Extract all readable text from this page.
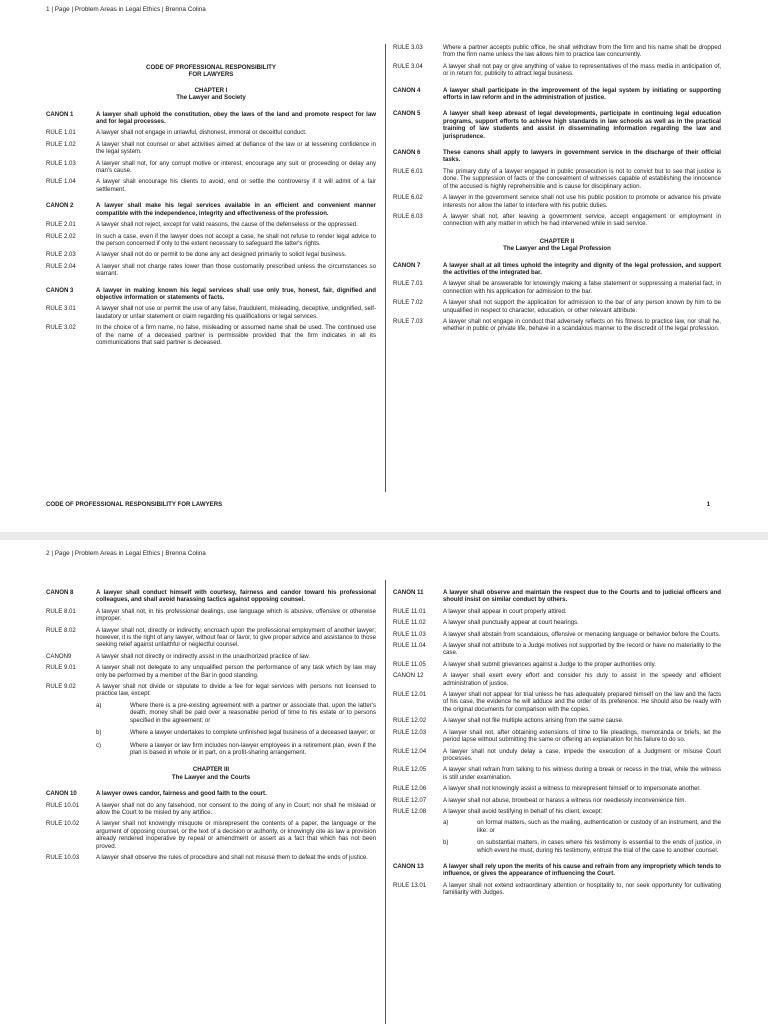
1 | Page | Problem Areas in Legal Ethics | Brenna Colina
CODE OF PROFESSIONAL RESPONSIBILITY
FOR LAWYERS
CHAPTER I
The Lawyer and Society
CANON 1	A lawyer shall uphold the constitution, obey the laws of the land and promote respect for law and for legal processes.
RULE 1.01	A lawyer shall not engage in unlawful, dishonest, immoral or deceitful conduct.
RULE 1.02	A lawyer shall not counsel or abet activities aimed at defiance of the law or at lessening confidence in the legal system.
RULE 1.03	A lawyer shall not, for any corrupt motive or interest, encourage any suit or proceeding or delay any man's cause.
RULE 1.04	A lawyer shall encourage his clients to avoid, end or settle the controversy if it will admit of a fair settlement.
CANON 2	A lawyer shall make his legal services available in an efficient and convenient manner compatible with the independence, integrity and effectiveness of the profession.
RULE 2.01	A lawyer shall not reject, except for valid reasons, the cause of the defenseless or the oppressed.
RULE 2.02	In such a case, even if the lawyer does not accept a case, he shall not refuse to render legal advice to the person concerned if only to the extent necessary to safeguard the latter's rights.
RULE 2.03	A lawyer shall not do or permit to be done any act designed primarily to solicit legal business.
RULE 2.04	A lawyer shall not charge rates lower than those customarily prescribed unless the circumstances so warrant.
CANON 3	A lawyer in making known his legal services shall use only true, honest, fair, dignified and objective information or statements of facts.
RULE 3.01	A lawyer shall not use or permit the use of any false, fraudulent, misleading, deceptive, undignified, self-laudatory or unfair statement or claim regarding his qualifications or legal services.
RULE 3.02	In the choice of a firm name, no false, misleading or assumed name shall be used. The continued use of the name of a deceased partner is permissible provided that the firm indicates in all its communications that said partner is deceased.
RULE 3.03	Where a partner accepts public office, he shall withdraw from the firm and his name shall be dropped from the firm name unless the law allows him to practice law concurrently.
RULE 3.04	A lawyer shall not pay or give anything of value to representatives of the mass media in anticipation of, or in return for, publicity to attract legal business.
CANON 4	A lawyer shall participate in the improvement of the legal system by initiating or supporting efforts in law reform and in the administration of justice.
CANON 5	A lawyer shall keep abreast of legal developments, participate in continuing legal education programs, support efforts to achieve high standards in law schools as well as in the practical training of law students and assist in disseminating information regarding the law and jurisprudence.
CANON 6	These canons shall apply to lawyers in government service in the discharge of their official tasks.
RULE 6.01	The primary duty of a lawyer engaged in public prosecution is not to convict but to see that justice is done. The suppression of facts or the concealment of witnesses capable of establishing the innocence of the accused is highly reprehensible and is cause for disciplinary action.
RULE 6.02	A lawyer in the government service shall not use his public position to promote or advance his private interests nor allow the latter to interfere with his public duties.
RULE 6.03	A lawyer shall not, after leaving a government service, accept engagement or employment in connection with any matter in which he had intervened while in said service.
CHAPTER II
The Lawyer and the Legal Profession
CANON 7	A lawyer shall at all times uphold the integrity and dignity of the legal profession, and support the activities of the integrated bar.
RULE 7.01	A lawyer shall be answerable for knowingly making a false statement or suppressing a material fact, in connection with his application for admission to the bar.
RULE 7.02	A lawyer shall not support the application for admission to the bar of any person known by him to be unqualified in respect to character, education, or other relevant attribute.
RULE 7.03	A lawyer shall not engage in conduct that adversely reflects on his fitness to practice law, nor shall he, whether in public or private life, behave in a scandalous manner to the discredit of the legal profession.
CODE OF PROFESSIONAL RESPONSIBILITY FOR LAWYERS	1
2 | Page | Problem Areas in Legal Ethics | Brenna Colina
CANON 8	A lawyer shall conduct himself with courtesy, fairness and candor toward his professional colleagues, and shall avoid harassing tactics against opposing counsel.
RULE 8.01	A lawyer shall not, in his professional dealings, use language which is abusive, offensive or otherwise improper.
RULE 8.02	A lawyer shall not, directly or indirectly, encroach upon the professional employment of another lawyer; however, it is the right of any lawyer, without fear or favor, to give proper advice and assistance to those seeking relief against unfaithful or neglectful counsel.
CANON9	A lawyer shall not directly or indirectly assist in the unauthorized practice of law.
RULE 9.01	A lawyer shall not delegate to any unqualified person the performance of any task which by law may only be performed by a member of the Bar in good standing.
RULE 9.02	A lawyer shall not divide or stipulate to divide a fee for legal services with persons not licensed to practice law, except:
a)	Where there is a pre-existing agreement with a partner or associate that, upon the latter's death, money shall be paid over a reasonable period of time to his estate or to persons specified in the agreement; or
b)	Where a lawyer undertakes to complete unfinished legal business of a deceased lawyer; or
c)	Where a lawyer or law firm includes non-lawyer employees in a retirement plan, even if the plan is based in whole or in part, on a profit-sharing arrangement.
CHAPTER III
The Lawyer and the Courts
CANON 10	A lawyer owes candor, fairness and good faith to the court.
RULE 10.01	A lawyer shall not do any falsehood, nor consent to the doing of any in Court; nor shall he mislead or allow the Court to be misled by any artifice.
RULE 10.02	A lawyer shall not knowingly misquote or misrepresent the contents of a paper, the language or the argument of opposing counsel, or the text of a decision or authority, or knowingly cite as law a provision already rendered inoperative by repeal or amendment or assert as a fact that which has not been proved.
RULE 10.03	A lawyer shall observe the rules of procedure and shall not misuse them to defeat the ends of justice.
CANON 11	A lawyer shall observe and maintain the respect due to the Courts and to judicial officers and should insist on similar conduct by others.
RULE 11.01	A lawyer shall appear in court properly attired.
RULE 11.02	A lawyer shall punctually appear at court hearings.
RULE 11.03	A lawyer shall abstain from scandalous, offensive or menacing language or behavior before the Courts.
RULE 11.04	A lawyer shall not attribute to a Judge motives not supported by the record or have no materiality to the case.
RULE 11.05	A lawyer shall submit grievances against a Judge to the proper authorities only.
CANON 12	A lawyer shall exert every effort and consider his duty to assist in the speedy and efficient administration of justice.
RULE 12.01	A lawyer shall not appear for trial unless he has adequately prepared himself on the law and the facts of his case, the evidence he will adduce and the order of its preference. He should also be ready with the original documents for comparison with the copies.
RULE 12.02	A lawyer shall not file multiple actions arising from the same cause.
RULE 12.03	A lawyer shall not, after obtaining extensions of time to file pleadings, memoranda or briefs, let the period lapse without submitting the same or offering an explanation for his failure to do so.
RULE 12.04	A lawyer shall not unduly delay a case, impede the execution of a Judgment or misuse Court processes.
RULE 12.05	A lawyer shall refrain from talking to his witness during a break or recess in the trial, while the witness is still under examination.
RULE 12.06	A lawyer shall not knowingly assist a witness to misrepresent himself or to impersonate another.
RULE 12.07	A lawyer shall not abuse, browbeat or harass a witness nor needlessly inconvenience him.
RULE 12.08	A lawyer shall avoid testifying in behalf of his client, except:
a)	on formal matters, such as the mailing, authentication or custody of an instrument, and the like: or
b)	on substantial matters, in cases where his testimony is essential to the ends of justice, in which event he must, during his testimony, entrust the trial of the case to another counsel.
CANON 13	A lawyer shall rely upon the merits of his cause and refrain from any impropriety which tends to influence, or gives the appearance of influencing the Court.
RULE 13.01	A lawyer shall not extend extraordinary attention or hospitality to, nor seek opportunity for cultivating familiarity with Judges.
